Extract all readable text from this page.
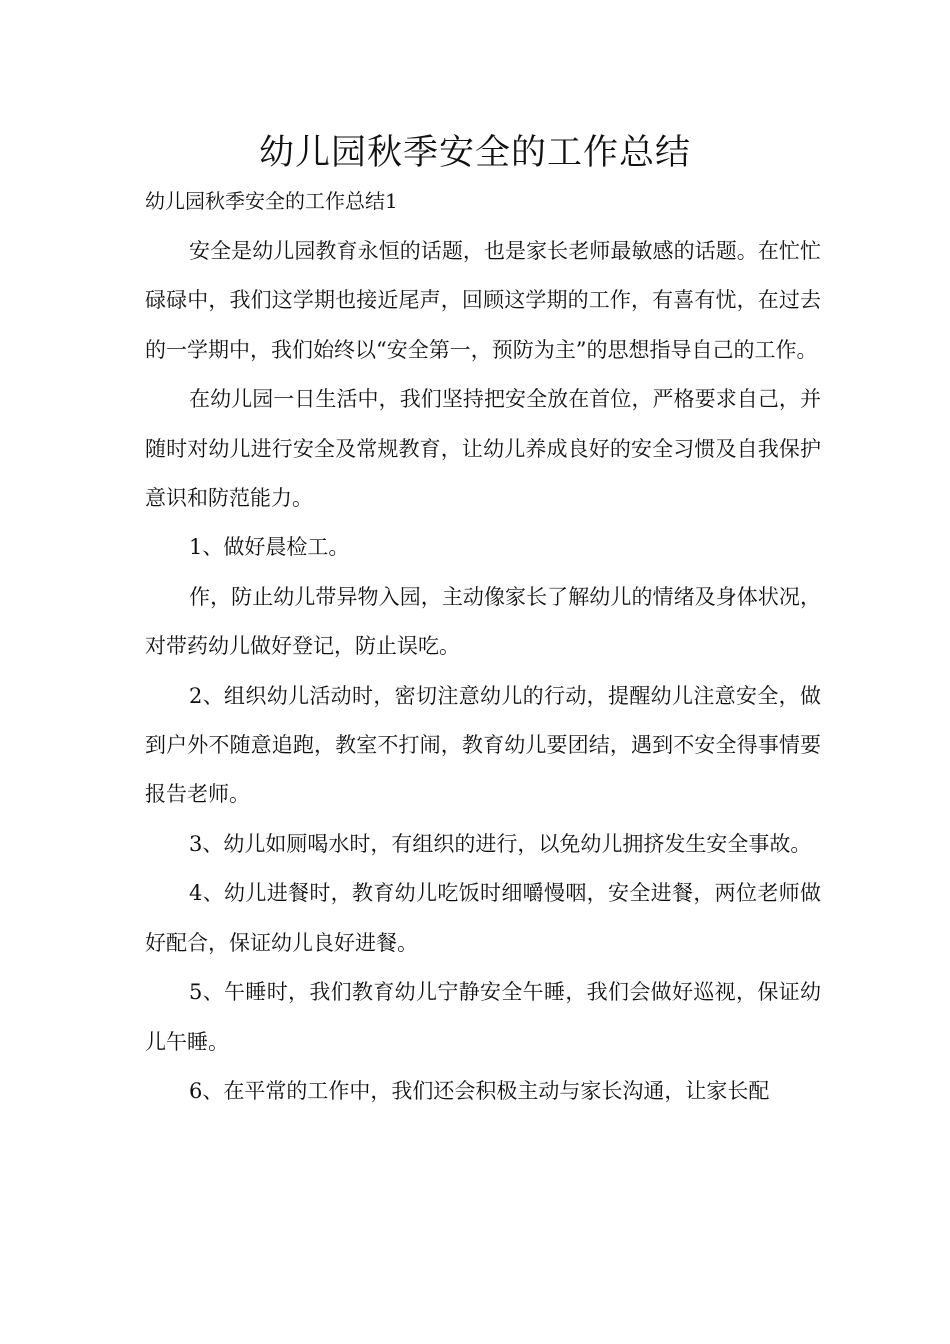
幼儿园秋季安全的工作总结

幼儿园秋季安全的工作总结1

安全是幼儿园教育永恒的话题，也是家长老师最敏感的话题。在忙忙碌碌中，我们这学期也接近尾声，回顾这学期的工作，有喜有忧，在过去的一学期中，我们始终以“安全第一，预防为主”的思想指导自己的工作。

在幼儿园一日生活中，我们坚持把安全放在首位，严格要求自己，并随时对幼儿进行安全及常规教育，让幼儿养成良好的安全习惯及自我保护意识和防范能力。

1、做好晨检工。

作，防止幼儿带异物入园，主动像家长了解幼儿的情绪及身体状况，对带药幼儿做好登记，防止误吃。

2、组织幼儿活动时，密切注意幼儿的行动，提醒幼儿注意安全，做到户外不随意追跑，教室不打闹，教育幼儿要团结，遇到不安全得事情要报告老师。

3、幼儿如厕喝水时，有组织的进行，以免幼儿拥挤发生安全事故。

4、幼儿进餐时，教育幼儿吃饭时细嚼慢咽，安全进餐，两位老师做好配合，保证幼儿良好进餐。

5、午睡时，我们教育幼儿宁静安全午睡，我们会做好巡视，保证幼儿午睡。

6、在平常的工作中，我们还会积极主动与家长沟通，让家长配
